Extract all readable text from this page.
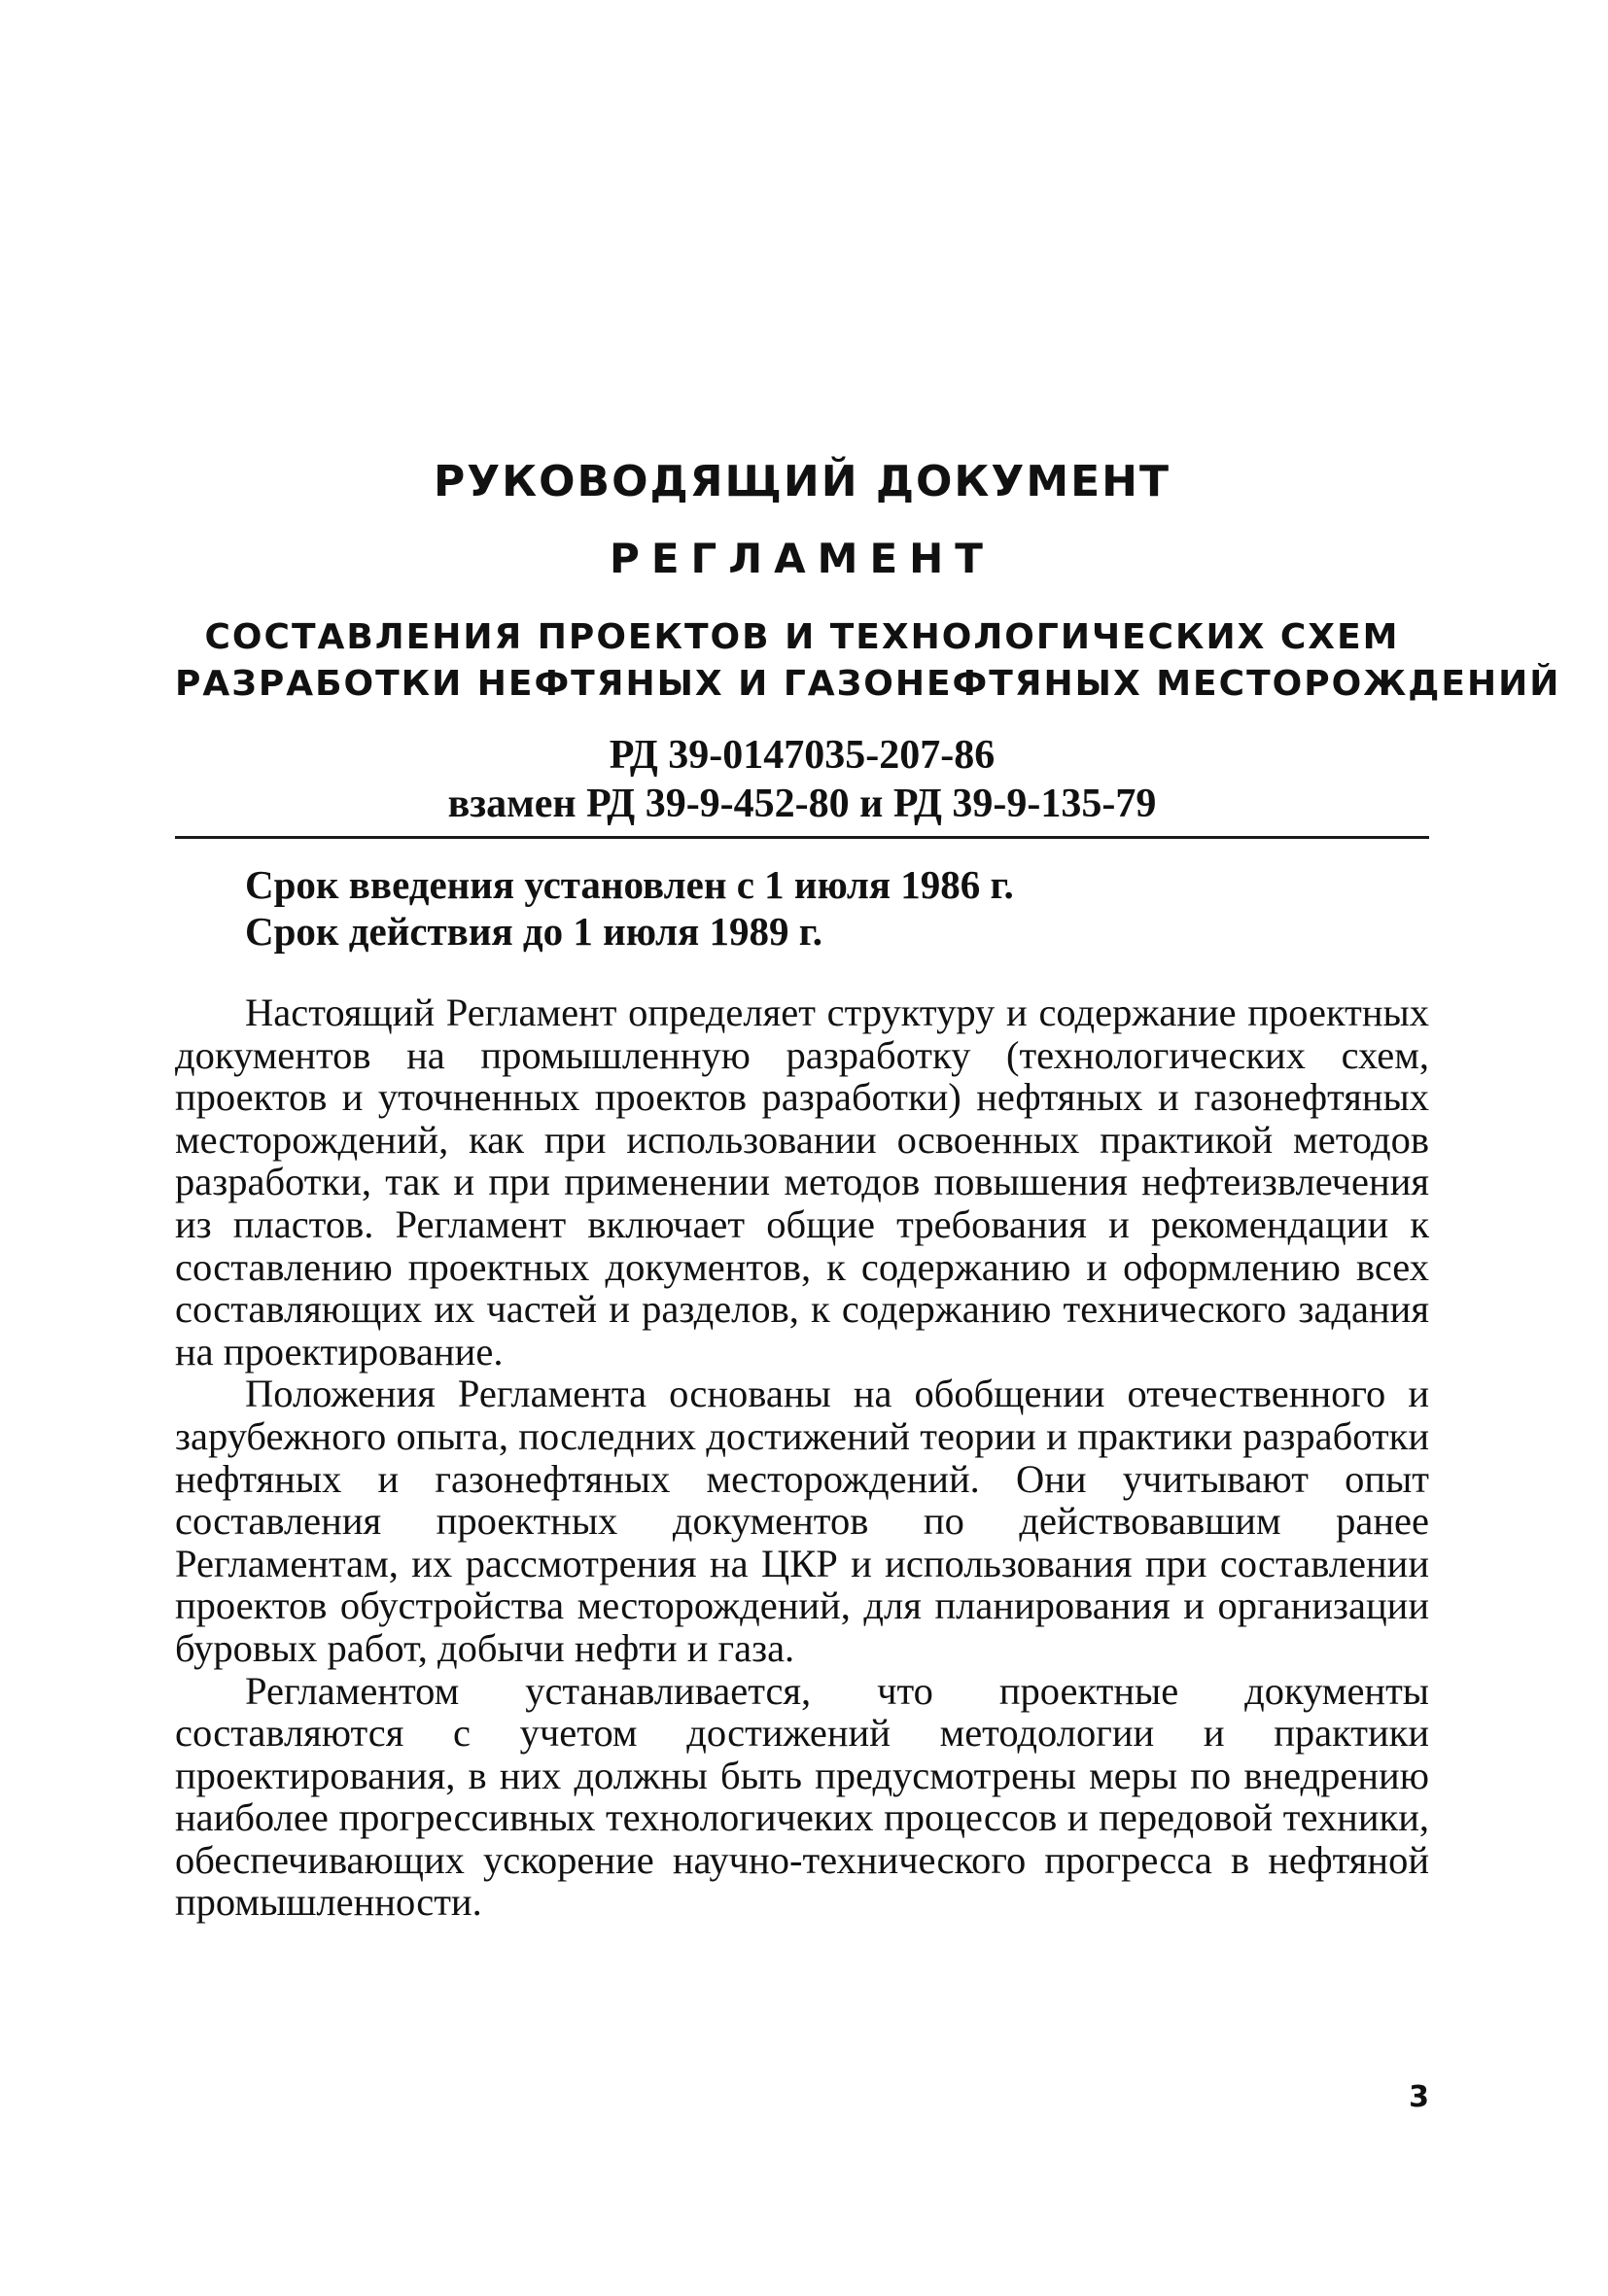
РУКОВОДЯЩИЙ ДОКУМЕНТ
РЕГЛАМЕНТ
СОСТАВЛЕНИЯ ПРОЕКТОВ И ТЕХНОЛОГИЧЕСКИХ СХЕМ
РАЗРАБОТКИ НЕФТЯНЫХ И ГАЗОНЕФТЯНЫХ МЕСТОРОЖДЕНИЙ
РД 39-0147035-207-86
взамен РД 39-9-452-80 и РД 39-9-135-79
Срок введения установлен с 1 июля 1986 г.
Срок действия до 1 июля 1989 г.

Настоящий Регламент определяет структуру и содержание проектных документов на промышленную разработку (технологических схем, проектов и уточненных проектов разработки) нефтяных и газонефтяных месторождений, как при использовании освоенных практикой методов разработки, так и при применении методов повышения нефтеизвлечения из пластов. Регламент включает общие требования и рекомендации к составлению проектных документов, к содержанию и оформлению всех составляющих их частей и разделов, к содержанию технического задания на проектирование.

Положения Регламента основаны на обобщении отечественного и зарубежного опыта, последних достижений теории и практики разработки нефтяных и газонефтяных месторождений. Они учитывают опыт составления проектных документов по действовавшим ранее Регламентам, их рассмотрения на ЦКР и использования при составлении проектов обустройства месторождений, для планирования и организации буровых работ, добычи нефти и газа.

Регламентом устанавливается, что проектные документы составляются с учетом достижений методологии и практики проектирования, в них должны быть предусмотрены меры по внедрению наиболее прогрессивных технологичеких процессов и передовой техники, обеспечивающих ускорение научно-технического прогресса в нефтяной промышленности.

3
